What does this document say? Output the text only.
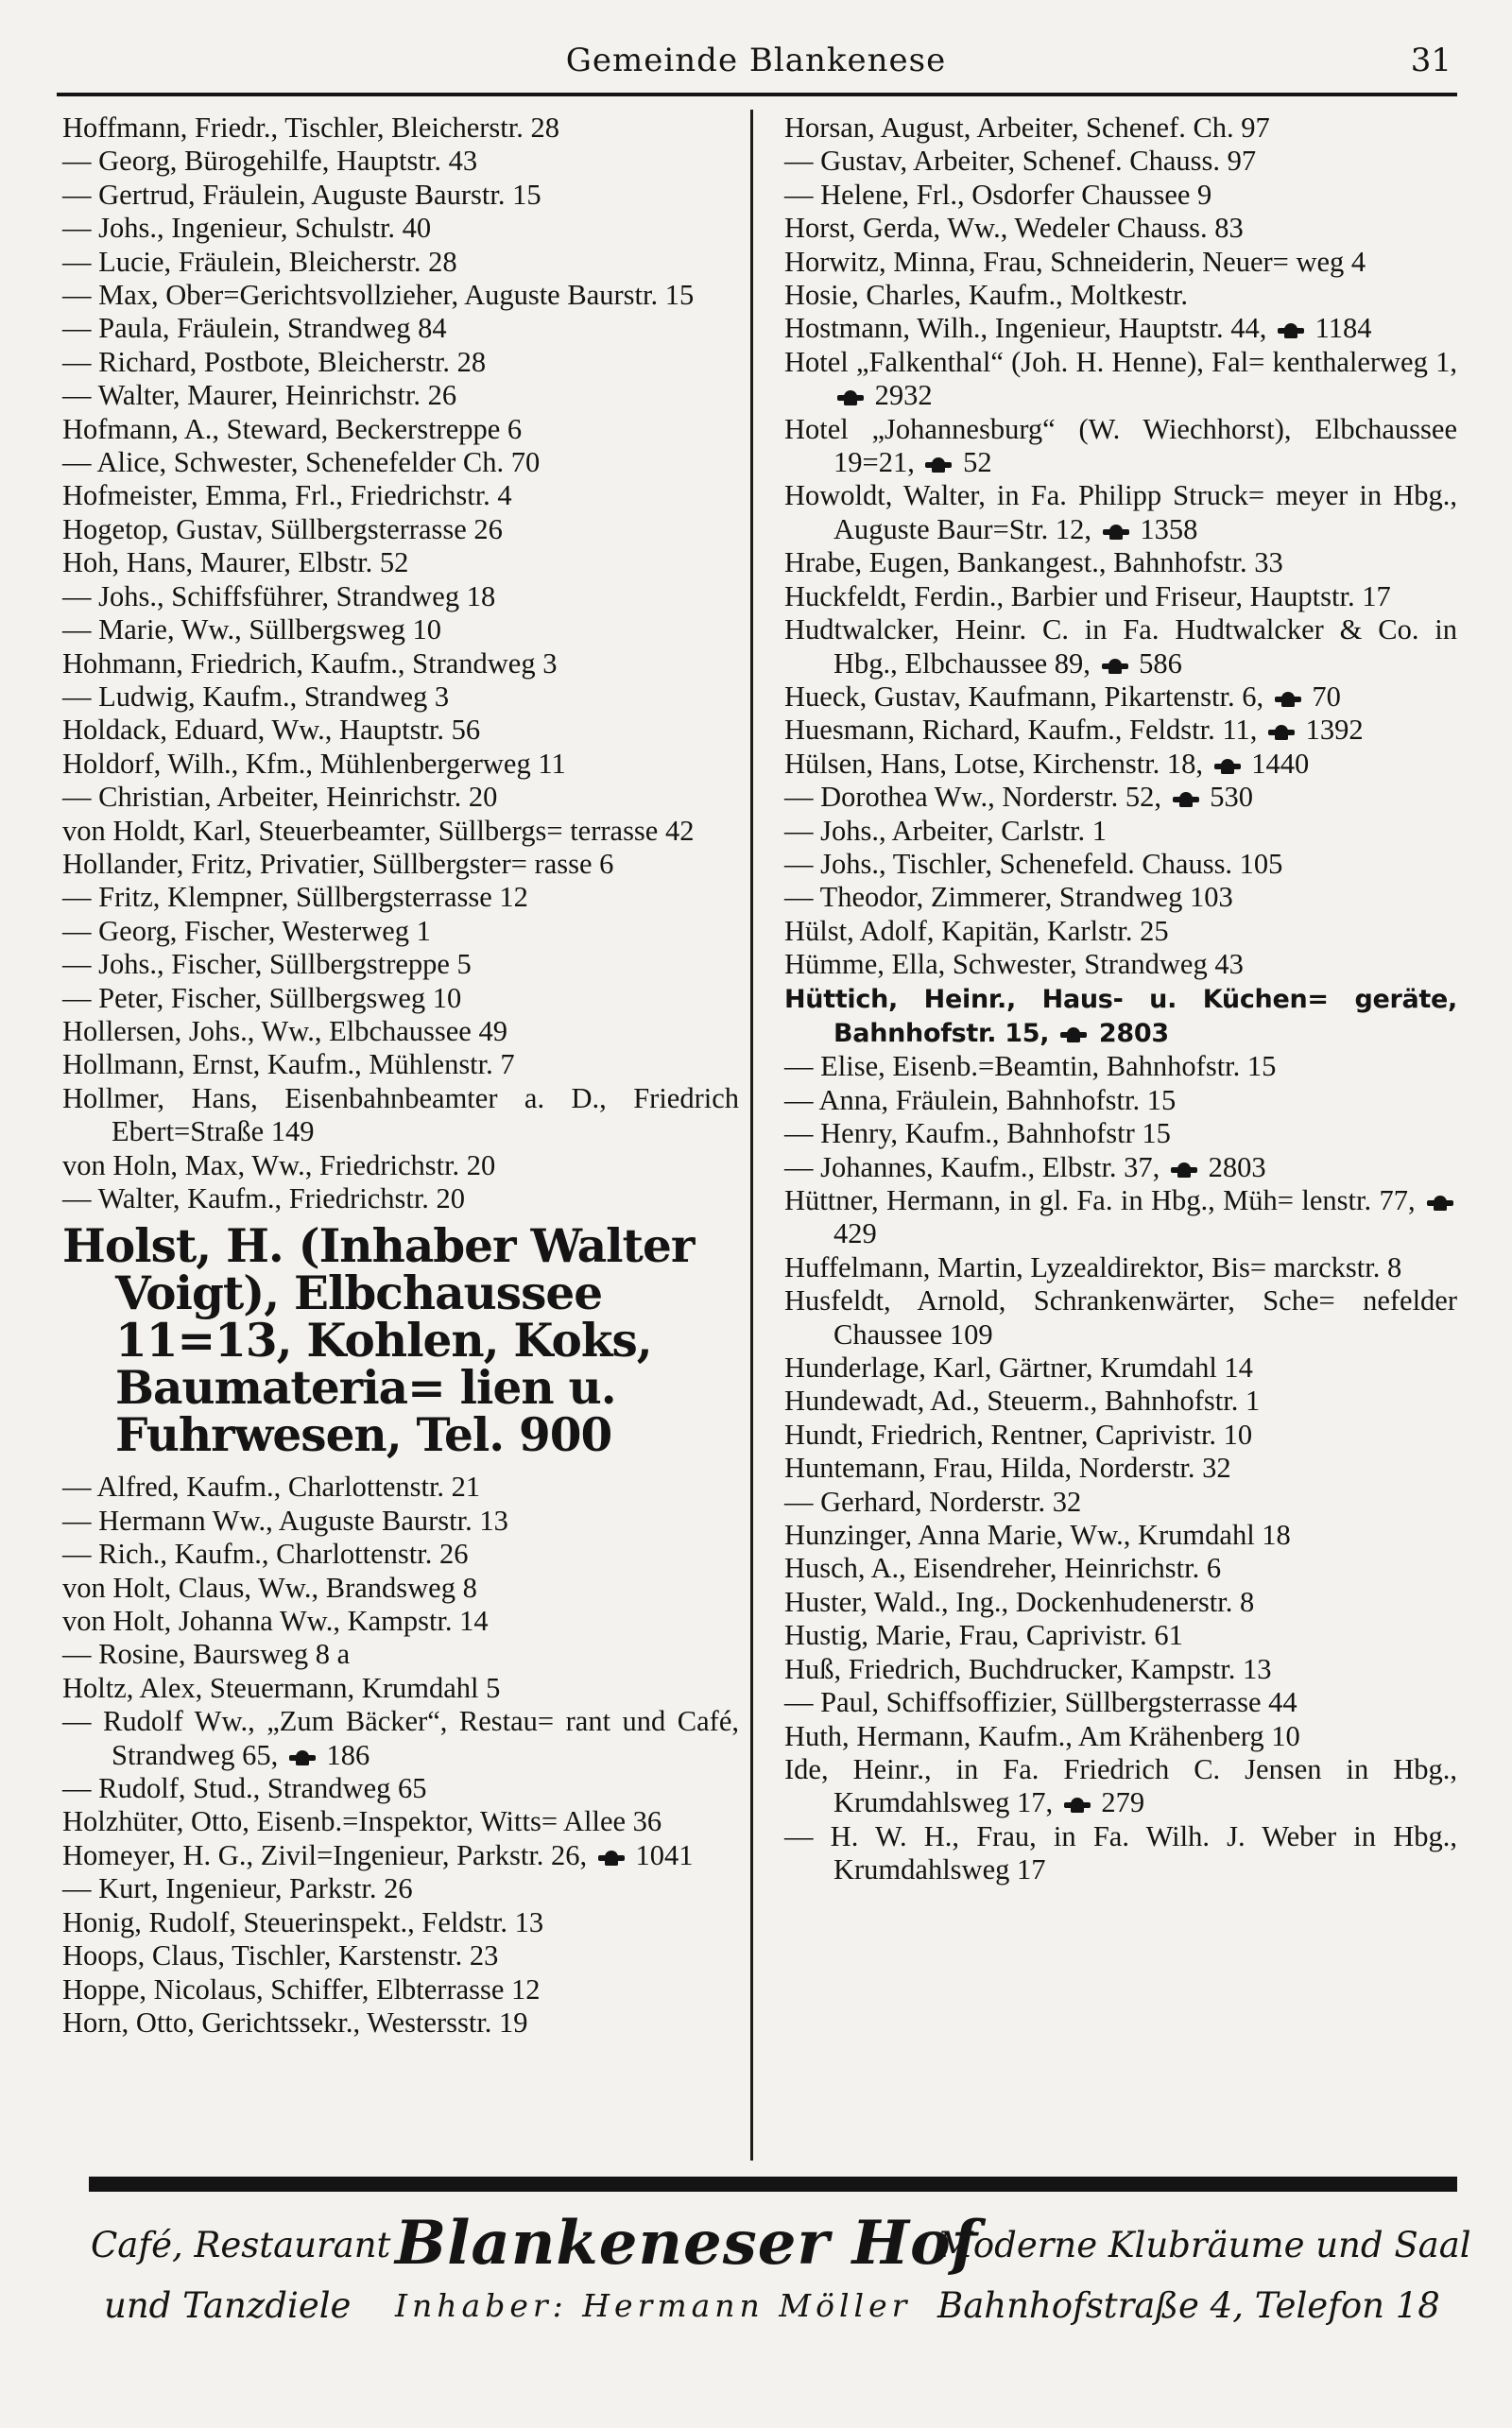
Gemeinde Blankenese	31

Hoffmann, Friedr., Tischler, Bleicherstr. 28

— Georg, Bürogehilfe, Hauptstr. 43

— Gertrud, Fräulein, Auguste Baurstr. 15

— Johs., Ingenieur, Schulstr. 40

— Lucie, Fräulein, Bleicherstr. 28

— Max, Ober=Gerichtsvollzieher, Auguste Baurstr. 15

— Paula, Fräulein, Strandweg 84

— Richard, Postbote, Bleicherstr. 28

— Walter, Maurer, Heinrichstr. 26

Hofmann, A., Steward, Beckerstreppe 6

— Alice, Schwester, Schenefelder Ch. 70

Hofmeister, Emma, Frl., Friedrichstr. 4

Hogetop, Gustav, Süllbergsterrasse 26

Hoh, Hans, Maurer, Elbstr. 52

— Johs., Schiffsführer, Strandweg 18

— Marie, Ww., Süllbergsweg 10

Hohmann, Friedrich, Kaufm., Strandweg 3

— Ludwig, Kaufm., Strandweg 3

Holdack, Eduard, Ww., Hauptstr. 56

Holdorf, Wilh., Kfm., Mühlenbergerweg 11

— Christian, Arbeiter, Heinrichstr. 20

von Holdt, Karl, Steuerbeamter, Süllbergs= terrasse 42

Hollander, Fritz, Privatier, Süllbergster= rasse 6

— Fritz, Klempner, Süllbergsterrasse 12

— Georg, Fischer, Westerweg 1

— Johs., Fischer, Süllbergstreppe 5

— Peter, Fischer, Süllbergsweg 10

Hollersen, Johs., Ww., Elbchaussee 49

Hollmann, Ernst, Kaufm., Mühlenstr. 7

Hollmer, Hans, Eisenbahnbeamter a. D., Friedrich Ebert=Straße 149

von Holn, Max, Ww., Friedrichstr. 20

— Walter, Kaufm., Friedrichstr. 20

Holst, H. (Inhaber Walter Voigt), Elbchaussee 11=13, Kohlen, Koks, Baumateria= lien u. Fuhrwesen, Tel. 900

— Alfred, Kaufm., Charlottenstr. 21

— Hermann Ww., Auguste Baurstr. 13

— Rich., Kaufm., Charlottenstr. 26

von Holt, Claus, Ww., Brandsweg 8

von Holt, Johanna Ww., Kampstr. 14

— Rosine, Baursweg 8 a

Holtz, Alex, Steuermann, Krumdahl 5

— Rudolf Ww., „Zum Bäcker“, Restau= rant und Café, Strandweg 65,  186

— Rudolf, Stud., Strandweg 65

Holzhüter, Otto, Eisenb.=Inspektor, Witts= Allee 36

Homeyer, H. G., Zivil=Ingenieur, Parkstr. 26,  1041

— Kurt, Ingenieur, Parkstr. 26

Honig, Rudolf, Steuerinspekt., Feldstr. 13

Hoops, Claus, Tischler, Karstenstr. 23

Hoppe, Nicolaus, Schiffer, Elbterrasse 12

Horn, Otto, Gerichtssekr., Westersstr. 19

Horsan, August, Arbeiter, Schenef. Ch. 97

— Gustav, Arbeiter, Schenef. Chauss. 97

— Helene, Frl., Osdorfer Chaussee 9

Horst, Gerda, Ww., Wedeler Chauss. 83

Horwitz, Minna, Frau, Schneiderin, Neuer= weg 4

Hosie, Charles, Kaufm., Moltkestr.

Hostmann, Wilh., Ingenieur, Hauptstr. 44,  1184

Hotel „Falkenthal“ (Joh. H. Henne), Fal= kenthalerweg 1,  2932

Hotel „Johannesburg“ (W. Wiechhorst), Elbchaussee 19=21,  52

Howoldt, Walter, in Fa. Philipp Struck= meyer in Hbg., Auguste Baur=Str. 12,  1358

Hrabe, Eugen, Bankangest., Bahnhofstr. 33

Huckfeldt, Ferdin., Barbier und Friseur, Hauptstr. 17

Hudtwalcker, Heinr. C. in Fa. Hudtwalcker & Co. in Hbg., Elbchaussee 89,  586

Hueck, Gustav, Kaufmann, Pikartenstr. 6,  70

Huesmann, Richard, Kaufm., Feldstr. 11,  1392

Hülsen, Hans, Lotse, Kirchenstr. 18,  1440

— Dorothea Ww., Norderstr. 52,  530

— Johs., Arbeiter, Carlstr. 1

— Johs., Tischler, Schenefeld. Chauss. 105

— Theodor, Zimmerer, Strandweg 103

Hülst, Adolf, Kapitän, Karlstr. 25

Hümme, Ella, Schwester, Strandweg 43

Hüttich, Heinr., Haus- u. Küchen= geräte, Bahnhofstr. 15,  2803

— Elise, Eisenb.=Beamtin, Bahnhofstr. 15

— Anna, Fräulein, Bahnhofstr. 15

— Henry, Kaufm., Bahnhofstr 15

— Johannes, Kaufm., Elbstr. 37,  2803

Hüttner, Hermann, in gl. Fa. in Hbg., Müh= lenstr. 77,  429

Huffelmann, Martin, Lyzealdirektor, Bis= marckstr. 8

Husfeldt, Arnold, Schrankenwärter, Sche= nefelder Chaussee 109

Hunderlage, Karl, Gärtner, Krumdahl 14

Hundewadt, Ad., Steuerm., Bahnhofstr. 1

Hundt, Friedrich, Rentner, Caprivistr. 10

Huntemann, Frau, Hilda, Norderstr. 32

— Gerhard, Norderstr. 32

Hunzinger, Anna Marie, Ww., Krumdahl 18

Husch, A., Eisendreher, Heinrichstr. 6

Huster, Wald., Ing., Dockenhudenerstr. 8

Hustig, Marie, Frau, Caprivistr. 61

Huß, Friedrich, Buchdrucker, Kampstr. 13

— Paul, Schiffsoffizier, Süllbergsterrasse 44

Huth, Hermann, Kaufm., Am Krähenberg 10

Ide, Heinr., in Fa. Friedrich C. Jensen in Hbg., Krumdahlsweg 17,  279

— H. W. H., Frau, in Fa. Wilh. J. Weber in Hbg., Krumdahlsweg 17

Café, Restaurant
und Tanzdiele
Blankeneser Hof
Inhaber: Hermann Möller
Moderne Klubräume und Saal
Bahnhofstraße 4, Telefon 18
